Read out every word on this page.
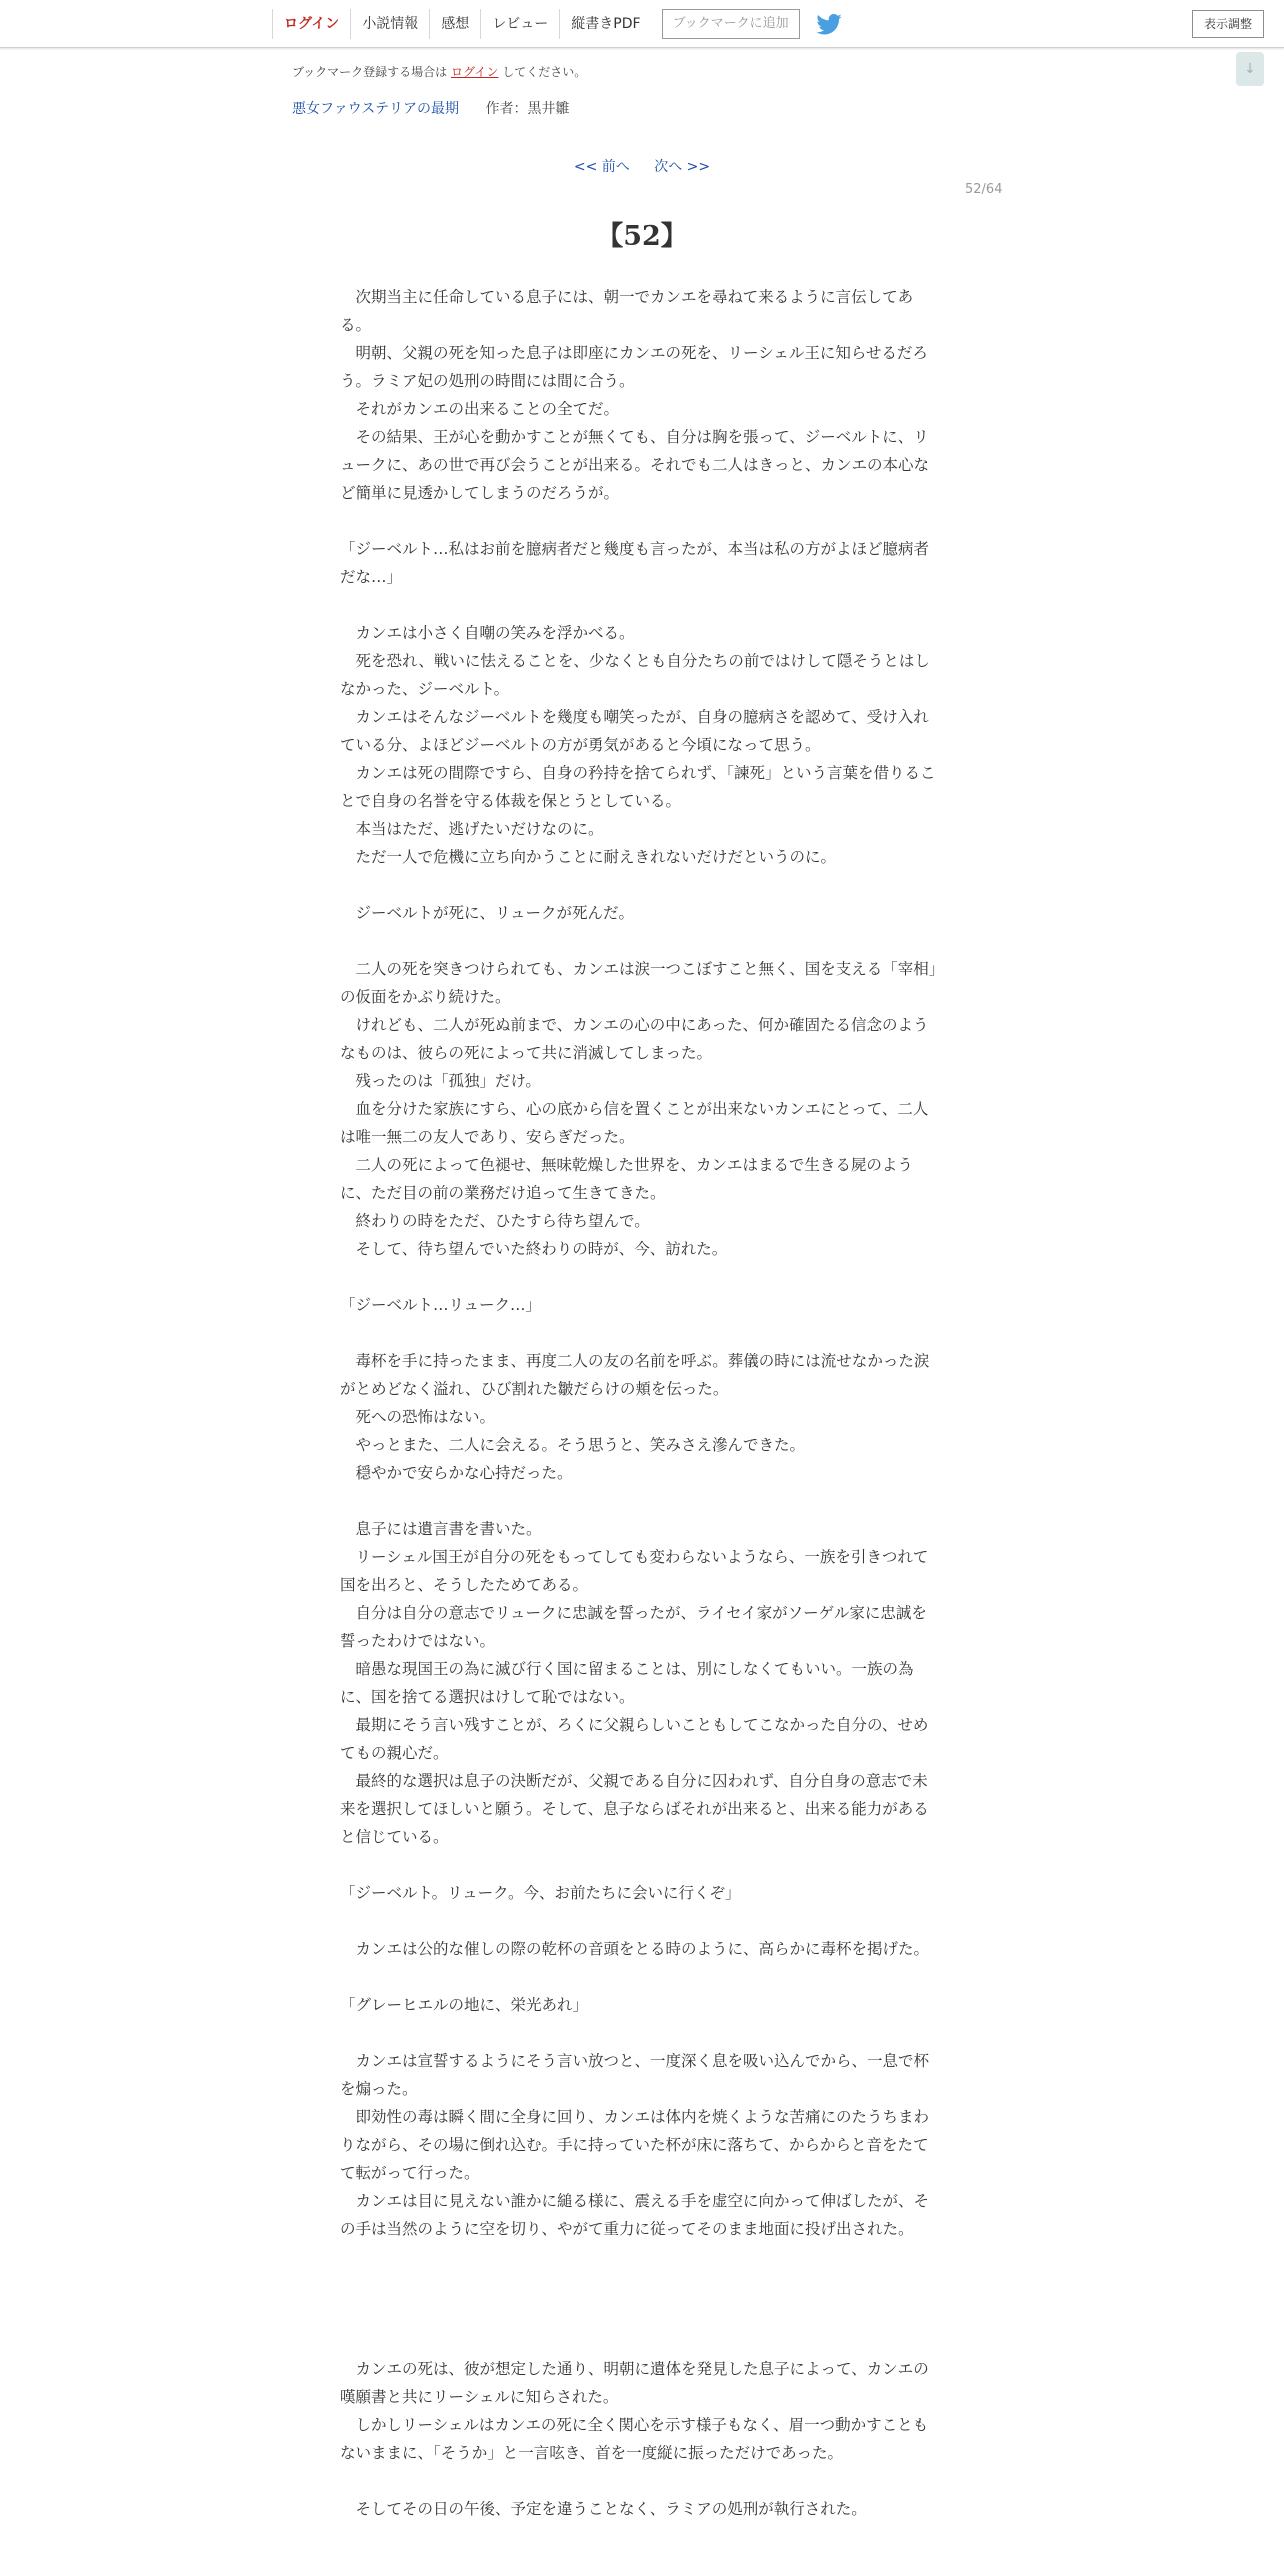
ログイン	小説情報	感想	レビュー	縦書きPDF	ブックマークに追加	表示調整
↓
ブックマーク登録する場合は ログイン してください。
悪女ファウステリアの最期 作者：黒井雛
<< 前へ 次へ >>
52/64
【52】

　次期当主に任命している息子には、朝一でカンエを尋ねて来るように言伝してある。

　明朝、父親の死を知った息子は即座にカンエの死を、リーシェル王に知らせるだろう。ラミア妃の処刑の時間には間に合う。

　それがカンエの出来ることの全てだ。

　その結果、王が心を動かすことが無くても、自分は胸を張って、ジーベルトに、リュークに、あの世で再び会うことが出来る。それでも二人はきっと、カンエの本心など簡単に見透かしてしまうのだろうが。

「ジーベルト…私はお前を臆病者だと幾度も言ったが、本当は私の方がよほど臆病者だな…」

　カンエは小さく自嘲の笑みを浮かべる。

　死を恐れ、戦いに怯えることを、少なくとも自分たちの前ではけして隠そうとはしなかった、ジーベルト。

　カンエはそんなジーベルトを幾度も嘲笑ったが、自身の臆病さを認めて、受け入れている分、よほどジーベルトの方が勇気があると今頃になって思う。

　カンエは死の間際ですら、自身の矜持を捨てられず、「諫死」という言葉を借りることで自身の名誉を守る体裁を保とうとしている。

　本当はただ、逃げたいだけなのに。

　ただ一人で危機に立ち向かうことに耐えきれないだけだというのに。

　ジーベルトが死に、リュークが死んだ。

　二人の死を突きつけられても、カンエは涙一つこぼすこと無く、国を支える「宰相」の仮面をかぶり続けた。

　けれども、二人が死ぬ前まで、カンエの心の中にあった、何か確固たる信念のようなものは、彼らの死によって共に消滅してしまった。

　残ったのは「孤独」だけ。

　血を分けた家族にすら、心の底から信を置くことが出来ないカンエにとって、二人は唯一無二の友人であり、安らぎだった。

　二人の死によって色褪せ、無味乾燥した世界を、カンエはまるで生きる屍のように、ただ目の前の業務だけ追って生きてきた。

　終わりの時をただ、ひたすら待ち望んで。

　そして、待ち望んでいた終わりの時が、今、訪れた。

「ジーベルト…リューク…」

　毒杯を手に持ったまま、再度二人の友の名前を呼ぶ。葬儀の時には流せなかった涙がとめどなく溢れ、ひび割れた皺だらけの頬を伝った。

　死への恐怖はない。

　やっとまた、二人に会える。そう思うと、笑みさえ滲んできた。

　穏やかで安らかな心持だった。

　息子には遺言書を書いた。

　リーシェル国王が自分の死をもってしても変わらないようなら、一族を引きつれて国を出ろと、そうしたためてある。

　自分は自分の意志でリュークに忠誠を誓ったが、ライセイ家がソーゲル家に忠誠を誓ったわけではない。

　暗愚な現国王の為に滅び行く国に留まることは、別にしなくてもいい。一族の為に、国を捨てる選択はけして恥ではない。

　最期にそう言い残すことが、ろくに父親らしいこともしてこなかった自分の、せめてもの親心だ。

　最終的な選択は息子の決断だが、父親である自分に囚われず、自分自身の意志で未来を選択してほしいと願う。そして、息子ならばそれが出来ると、出来る能力があると信じている。

「ジーベルト。リューク。今、お前たちに会いに行くぞ」

　カンエは公的な催しの際の乾杯の音頭をとる時のように、高らかに毒杯を掲げた。

「グレーヒエルの地に、栄光あれ」

　カンエは宣誓するようにそう言い放つと、一度深く息を吸い込んでから、一息で杯を煽った。

　即効性の毒は瞬く間に全身に回り、カンエは体内を焼くような苦痛にのたうちまわりながら、その場に倒れ込む。手に持っていた杯が床に落ちて、からからと音をたてて転がって行った。

　カンエは目に見えない誰かに縋る様に、震える手を虚空に向かって伸ばしたが、その手は当然のように空を切り、やがて重力に従ってそのまま地面に投げ出された。

　カンエの死は、彼が想定した通り、明朝に遺体を発見した息子によって、カンエの嘆願書と共にリーシェルに知らされた。

　しかしリーシェルはカンエの死に全く関心を示す様子もなく、眉一つ動かすこともないままに、「そうか」と一言呟き、首を一度縦に振っただけであった。

　そしてその日の午後、予定を違うことなく、ラミアの処刑が執行された。
